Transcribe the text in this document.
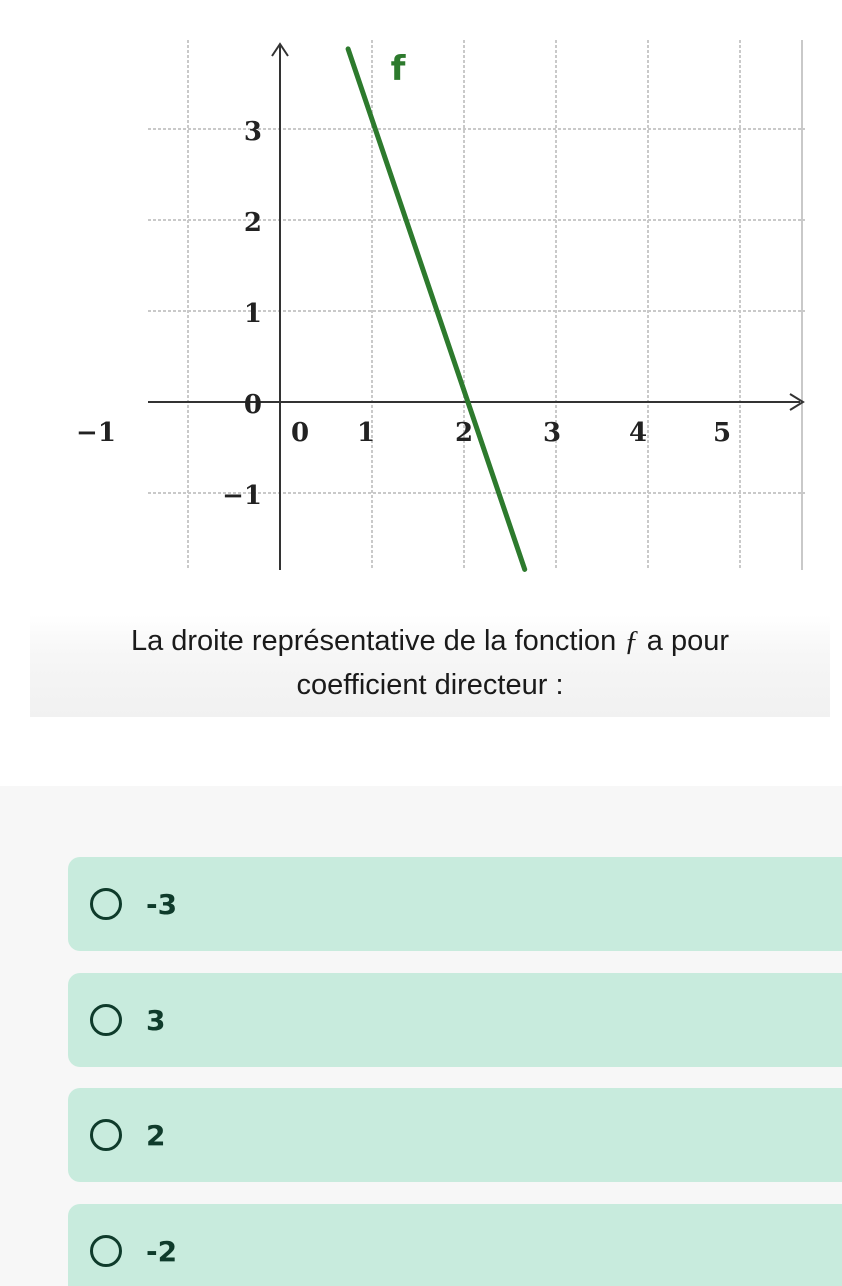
−1	0 1	2	3	4	5
3
2
1
0
−1
f
La droite représentative de la fonction ƒ a pour
coefficient directeur :
-3
3
2
-2
